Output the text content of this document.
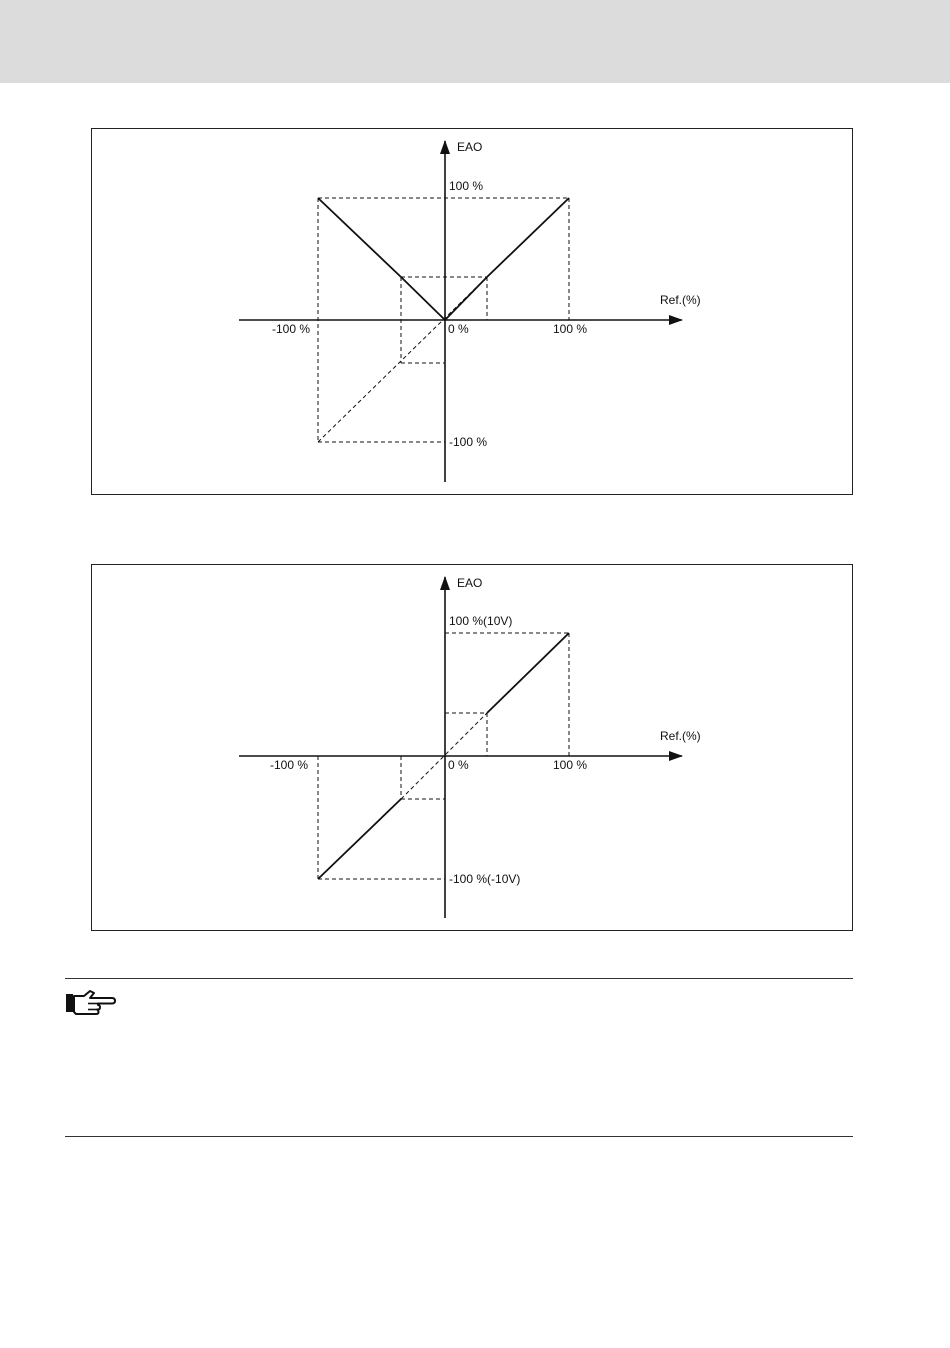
EAO
Ref.(%)
100 %
-100 %
-100 %	0 %	100 %
EAO
Ref.(%)
100 %(10V)
-100 %(-10V)
-100 %	0 %	100 %
